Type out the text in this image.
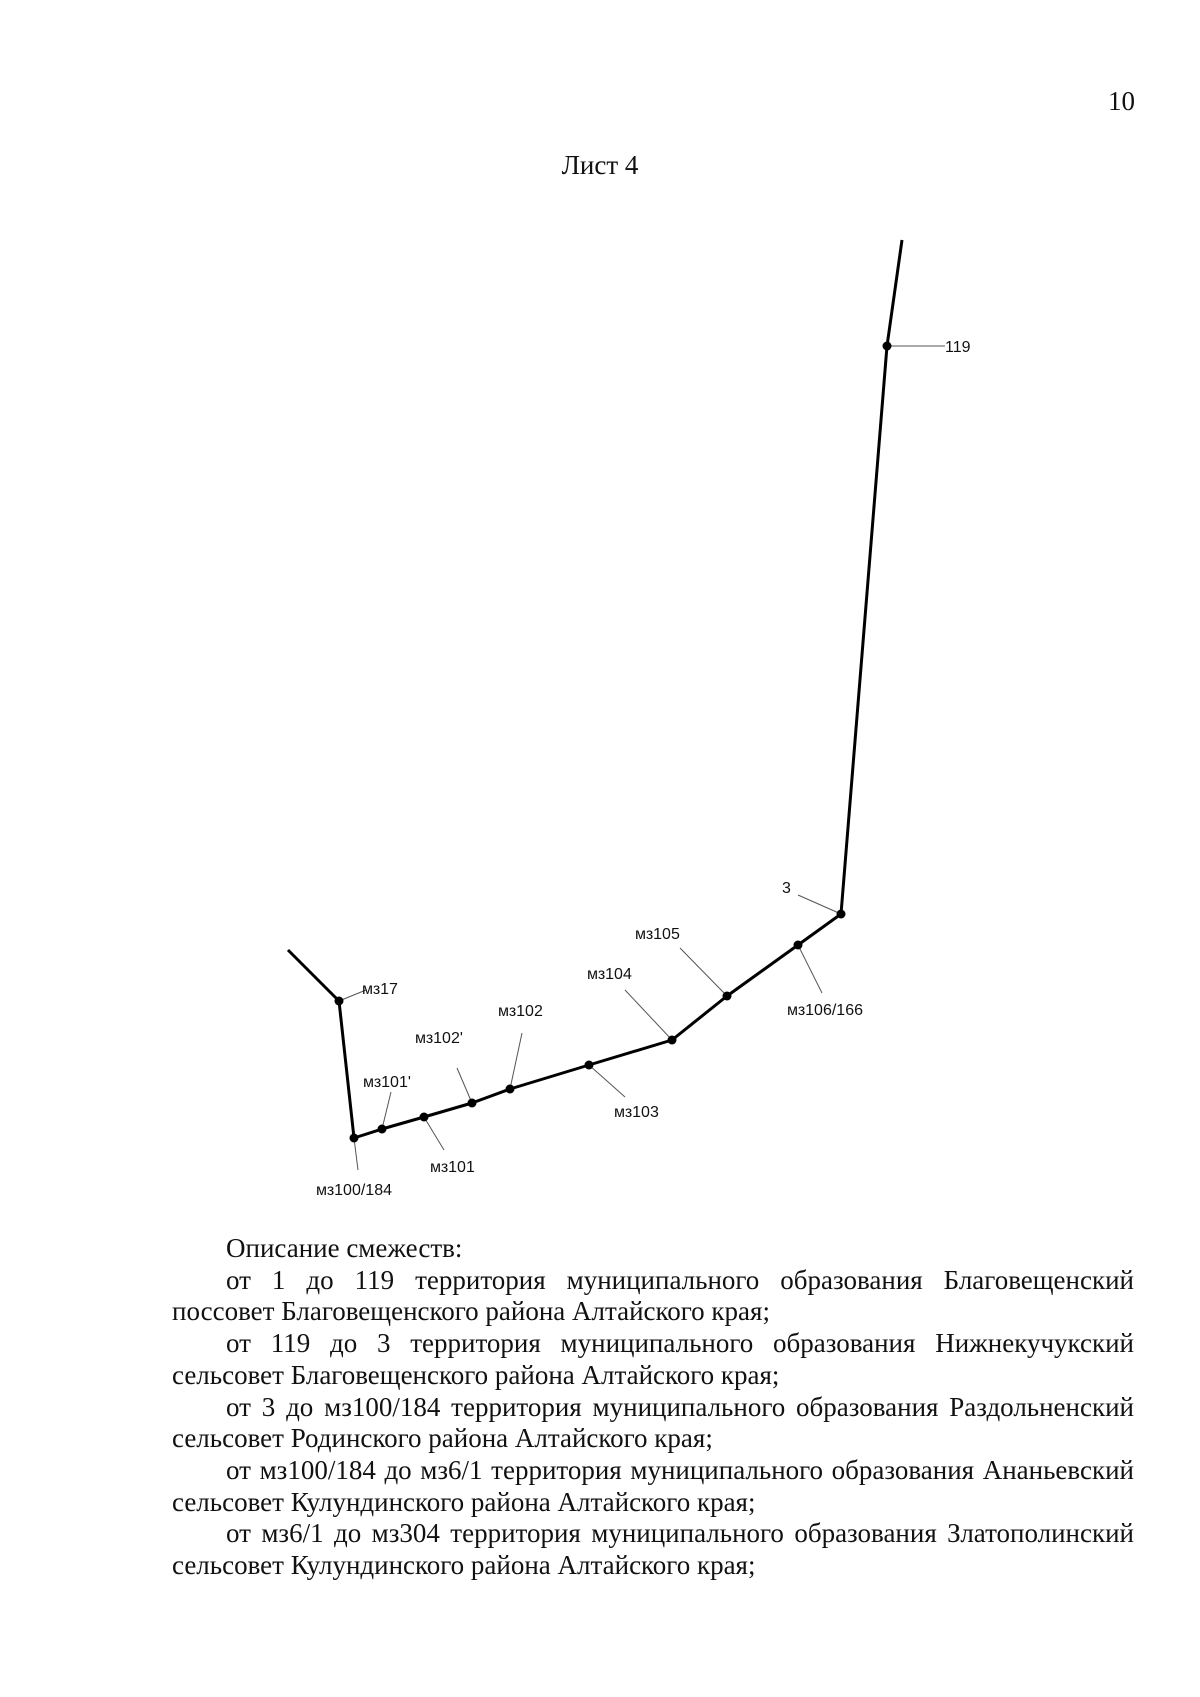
10
Лист 4
119
3
мз106/166
мз105
мз104
мз103
мз102
мз102'
мз101
мз101'
мз100/184
мз17
Описание смежеств:
от 1 до 119 территория муниципального образования Благовещенский поссовет Благовещенского района Алтайского края;
от 119 до 3 территория муниципального образования Нижнекучукский сельсовет Благовещенского района Алтайского края;
от 3 до мз100/184 территория муниципального образования Раздольненский сельсовет Родинского района Алтайского края;
от мз100/184 до мз6/1 территория муниципального образования Ананьевский сельсовет Кулундинского района Алтайского края;
от мз6/1 до мз304 территория муниципального образования Златополинский сельсовет Кулундинского района Алтайского края;
